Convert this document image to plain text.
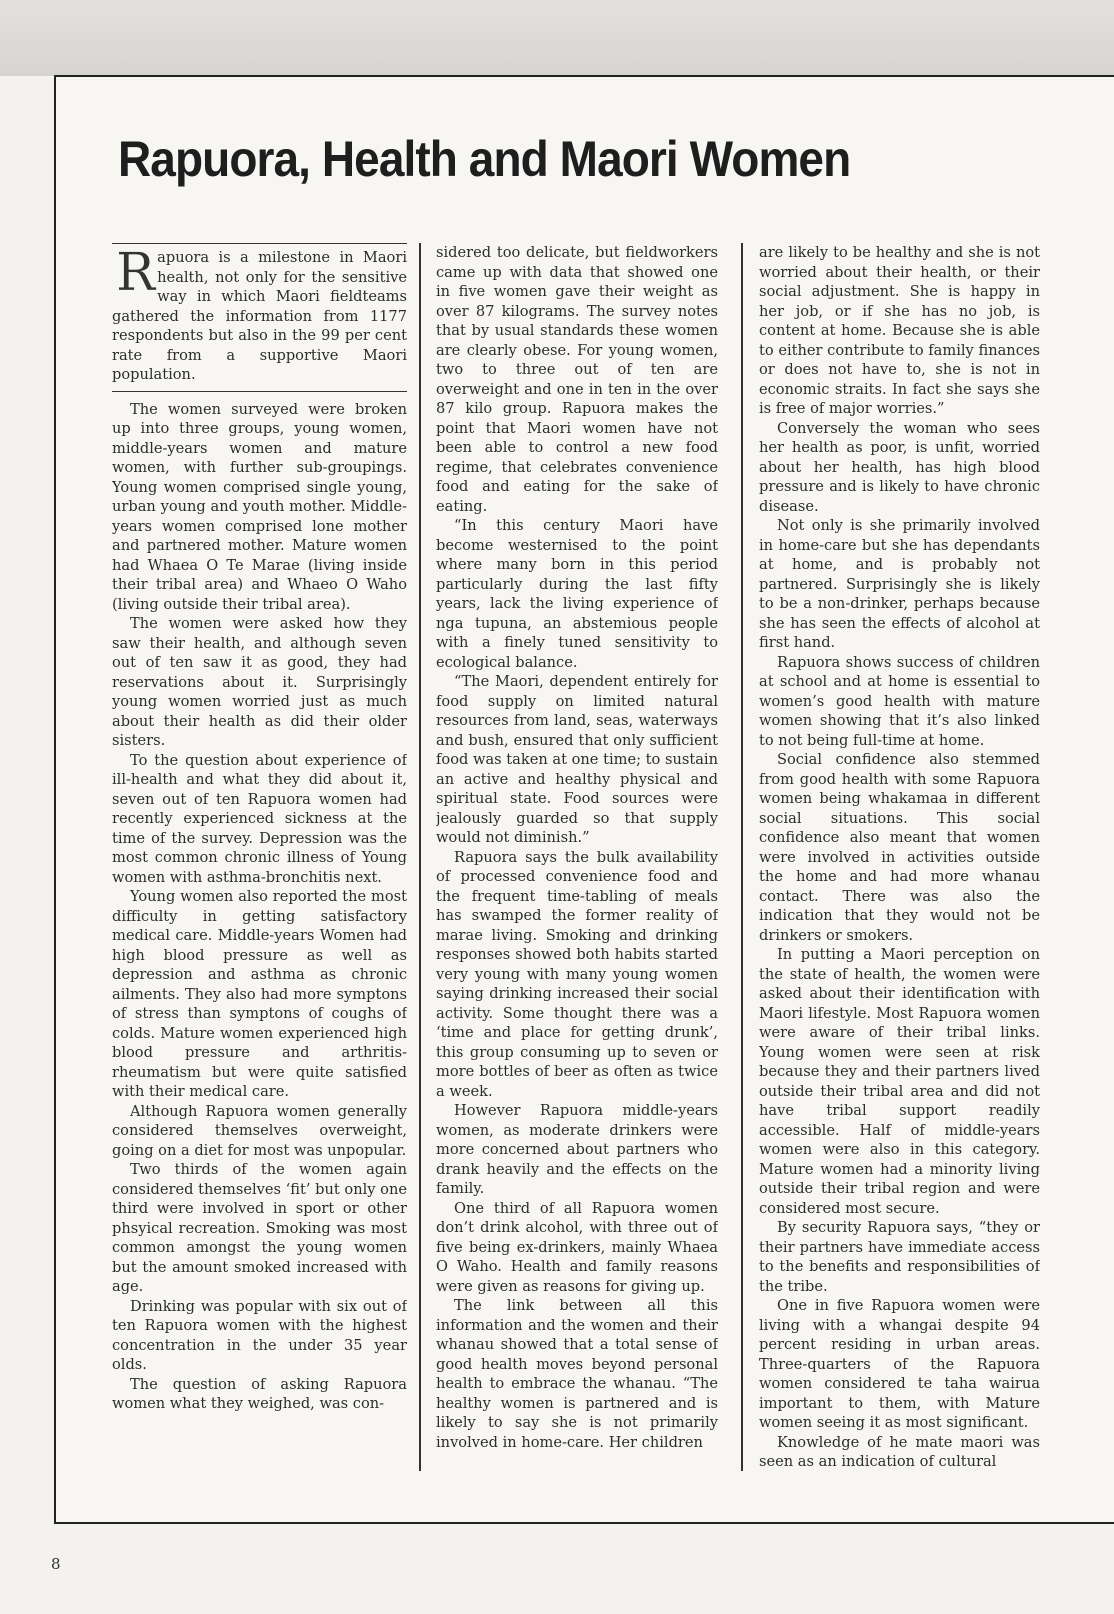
Rapuora, Health and Maori Women

Rapuora is a milestone in Maori health, not only for the sensitive way in which Maori fieldteams gathered the information from 1177 respondents but also in the 99 per cent rate from a supportive Maori population.

The women surveyed were broken up into three groups, young women, middle-years women and mature women, with further sub-groupings. Young women comprised single young, urban young and youth mother. Middle-years women comprised lone mother and partnered mother. Mature women had Whaea O Te Marae (living inside their tribal area) and Whaeo O Waho (living outside their tribal area).

The women were asked how they saw their health, and although seven out of ten saw it as good, they had reservations about it. Surprisingly young women worried just as much about their health as did their older sisters.

To the question about experience of ill-health and what they did about it, seven out of ten Rapuora women had recently experienced sickness at the time of the survey. Depression was the most common chronic illness of Young women with asthma-bronchitis next.

Young women also reported the most difficulty in getting satisfactory medical care. Middle-years Women had high blood pressure as well as depression and asthma as chronic ailments. They also had more symptons of stress than symptons of coughs of colds. Mature women experienced high blood pressure and arthritis-rheumatism but were quite satisfied with their medical care.

Although Rapuora women generally considered themselves overweight, going on a diet for most was unpopular.

Two thirds of the women again considered themselves ‘fit’ but only one third were involved in sport or other phsyical recreation. Smoking was most common amongst the young women but the amount smoked increased with age.

Drinking was popular with six out of ten Rapuora women with the highest concentration in the under 35 year olds.

The question of asking Rapuora women what they weighed, was con-

sidered too delicate, but fieldworkers came up with data that showed one in five women gave their weight as over 87 kilograms. The survey notes that by usual standards these women are clearly obese. For young women, two to three out of ten are overweight and one in ten in the over 87 kilo group. Rapuora makes the point that Maori women have not been able to control a new food regime, that celebrates convenience food and eating for the sake of eating.

“In this century Maori have become westernised to the point where many born in this period particularly during the last fifty years, lack the living experience of nga tupuna, an abstemious people with a finely tuned sensitivity to ecological balance.

“The Maori, dependent entirely for food supply on limited natural resources from land, seas, waterways and bush, ensured that only sufficient food was taken at one time; to sustain an active and healthy physical and spiritual state. Food sources were jealously guarded so that supply would not diminish.”

Rapuora says the bulk availability of processed convenience food and the frequent time-tabling of meals has swamped the former reality of marae living. Smoking and drinking responses showed both habits started very young with many young women saying drinking increased their social activity. Some thought there was a ‘time and place for getting drunk’, this group consuming up to seven or more bottles of beer as often as twice a week.

However Rapuora middle-years women, as moderate drinkers were more concerned about partners who drank heavily and the effects on the family.

One third of all Rapuora women don’t drink alcohol, with three out of five being ex-drinkers, mainly Whaea O Waho. Health and family reasons were given as reasons for giving up.

The link between all this information and the women and their whanau showed that a total sense of good health moves beyond personal health to embrace the whanau. “The healthy women is partnered and is likely to say she is not primarily involved in home-care. Her children

are likely to be healthy and she is not worried about their health, or their social adjustment. She is happy in her job, or if she has no job, is content at home. Because she is able to either contribute to family finances or does not have to, she is not in economic straits. In fact she says she is free of major worries.”

Conversely the woman who sees her health as poor, is unfit, worried about her health, has high blood pressure and is likely to have chronic disease.

Not only is she primarily involved in home-care but she has dependants at home, and is probably not partnered. Surprisingly she is likely to be a non-drinker, perhaps because she has seen the effects of alcohol at first hand.

Rapuora shows success of children at school and at home is essential to women’s good health with mature women showing that it’s also linked to not being full-time at home.

Social confidence also stemmed from good health with some Rapuora women being whakamaa in different social situations. This social confidence also meant that women were involved in activities outside the home and had more whanau contact. There was also the indication that they would not be drinkers or smokers.

In putting a Maori perception on the state of health, the women were asked about their identification with Maori lifestyle. Most Rapuora women were aware of their tribal links. Young women were seen at risk because they and their partners lived outside their tribal area and did not have tribal support readily accessible. Half of middle-years women were also in this category. Mature women had a minority living outside their tribal region and were considered most secure.

By security Rapuora says, “they or their partners have immediate access to the benefits and responsibilities of the tribe.

One in five Rapuora women were living with a whangai despite 94 percent residing in urban areas. Three-quarters of the Rapuora women considered te taha wairua important to them, with Mature women seeing it as most significant.

Knowledge of he mate maori was seen as an indication of cultural

8
